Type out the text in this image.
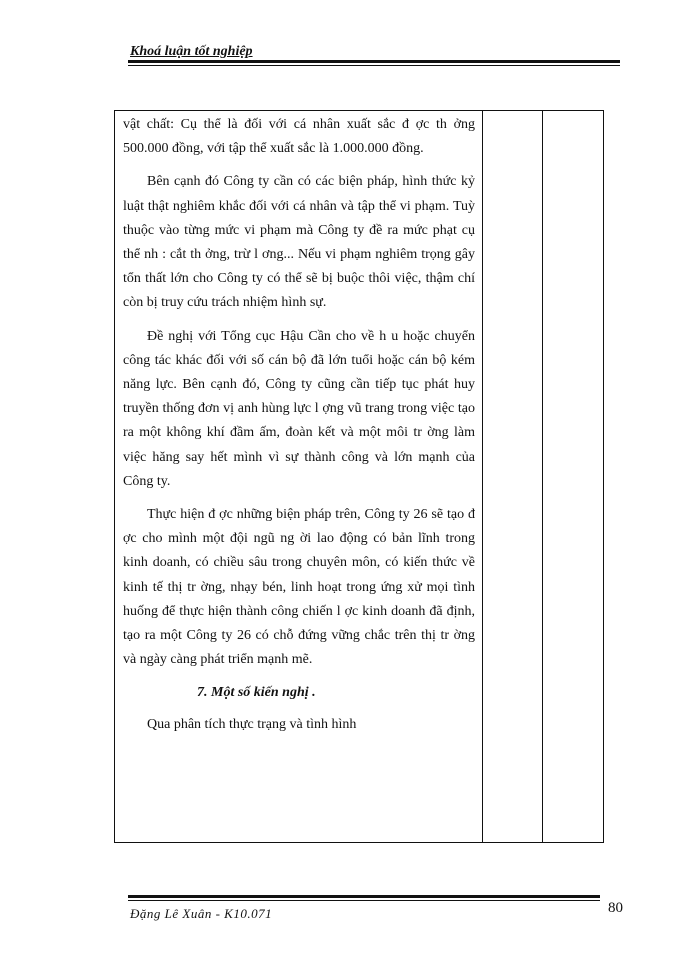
Khoá luận tốt nghiệp

vật chất: Cụ thể là đối với cá nhân xuất sắc đ ợc th ởng 500.000 đồng, với tập thể xuất sắc là 1.000.000 đồng.

Bên cạnh đó Công ty cần có các biện pháp, hình thức kỷ luật thật nghiêm khắc đối với cá nhân và tập thể vi phạm. Tuỳ thuộc vào từng mức vi phạm mà Công ty đề ra mức phạt cụ thể nh : cắt th ởng, trừ l ơng... Nếu vi phạm nghiêm trọng gây tổn thất lớn cho Công ty có thể sẽ bị buộc thôi việc, thậm chí còn bị truy cứu trách nhiệm hình sự.

Đề nghị với Tổng cục Hậu Cần cho về h u hoặc chuyển công tác khác đối với số cán bộ đã lớn tuổi hoặc cán bộ kém năng lực. Bên cạnh đó, Công ty cũng cần tiếp tục phát huy truyền thống đơn vị anh hùng lực l ợng vũ trang trong việc tạo ra một không khí đầm ấm, đoàn kết và một môi tr ờng làm việc hăng say hết mình vì sự thành công và lớn mạnh của Công ty.

Thực hiện đ ợc những biện pháp trên, Công ty 26 sẽ tạo đ ợc cho mình một đội ngũ ng ời lao động có bản lĩnh trong kinh doanh, có chiều sâu trong chuyên môn, có kiến thức về kinh tế thị tr ờng, nhạy bén, linh hoạt trong ứng xử mọi tình huống để thực hiện thành công chiến l ợc kinh doanh đã định, tạo ra một Công ty 26 có chỗ đứng vững chắc trên thị tr ờng và ngày càng phát triển mạnh mẽ.

7. Một số kiến nghị .

Qua phân tích thực trạng và tình hình

Đặng Lê Xuân - K10.071	80
